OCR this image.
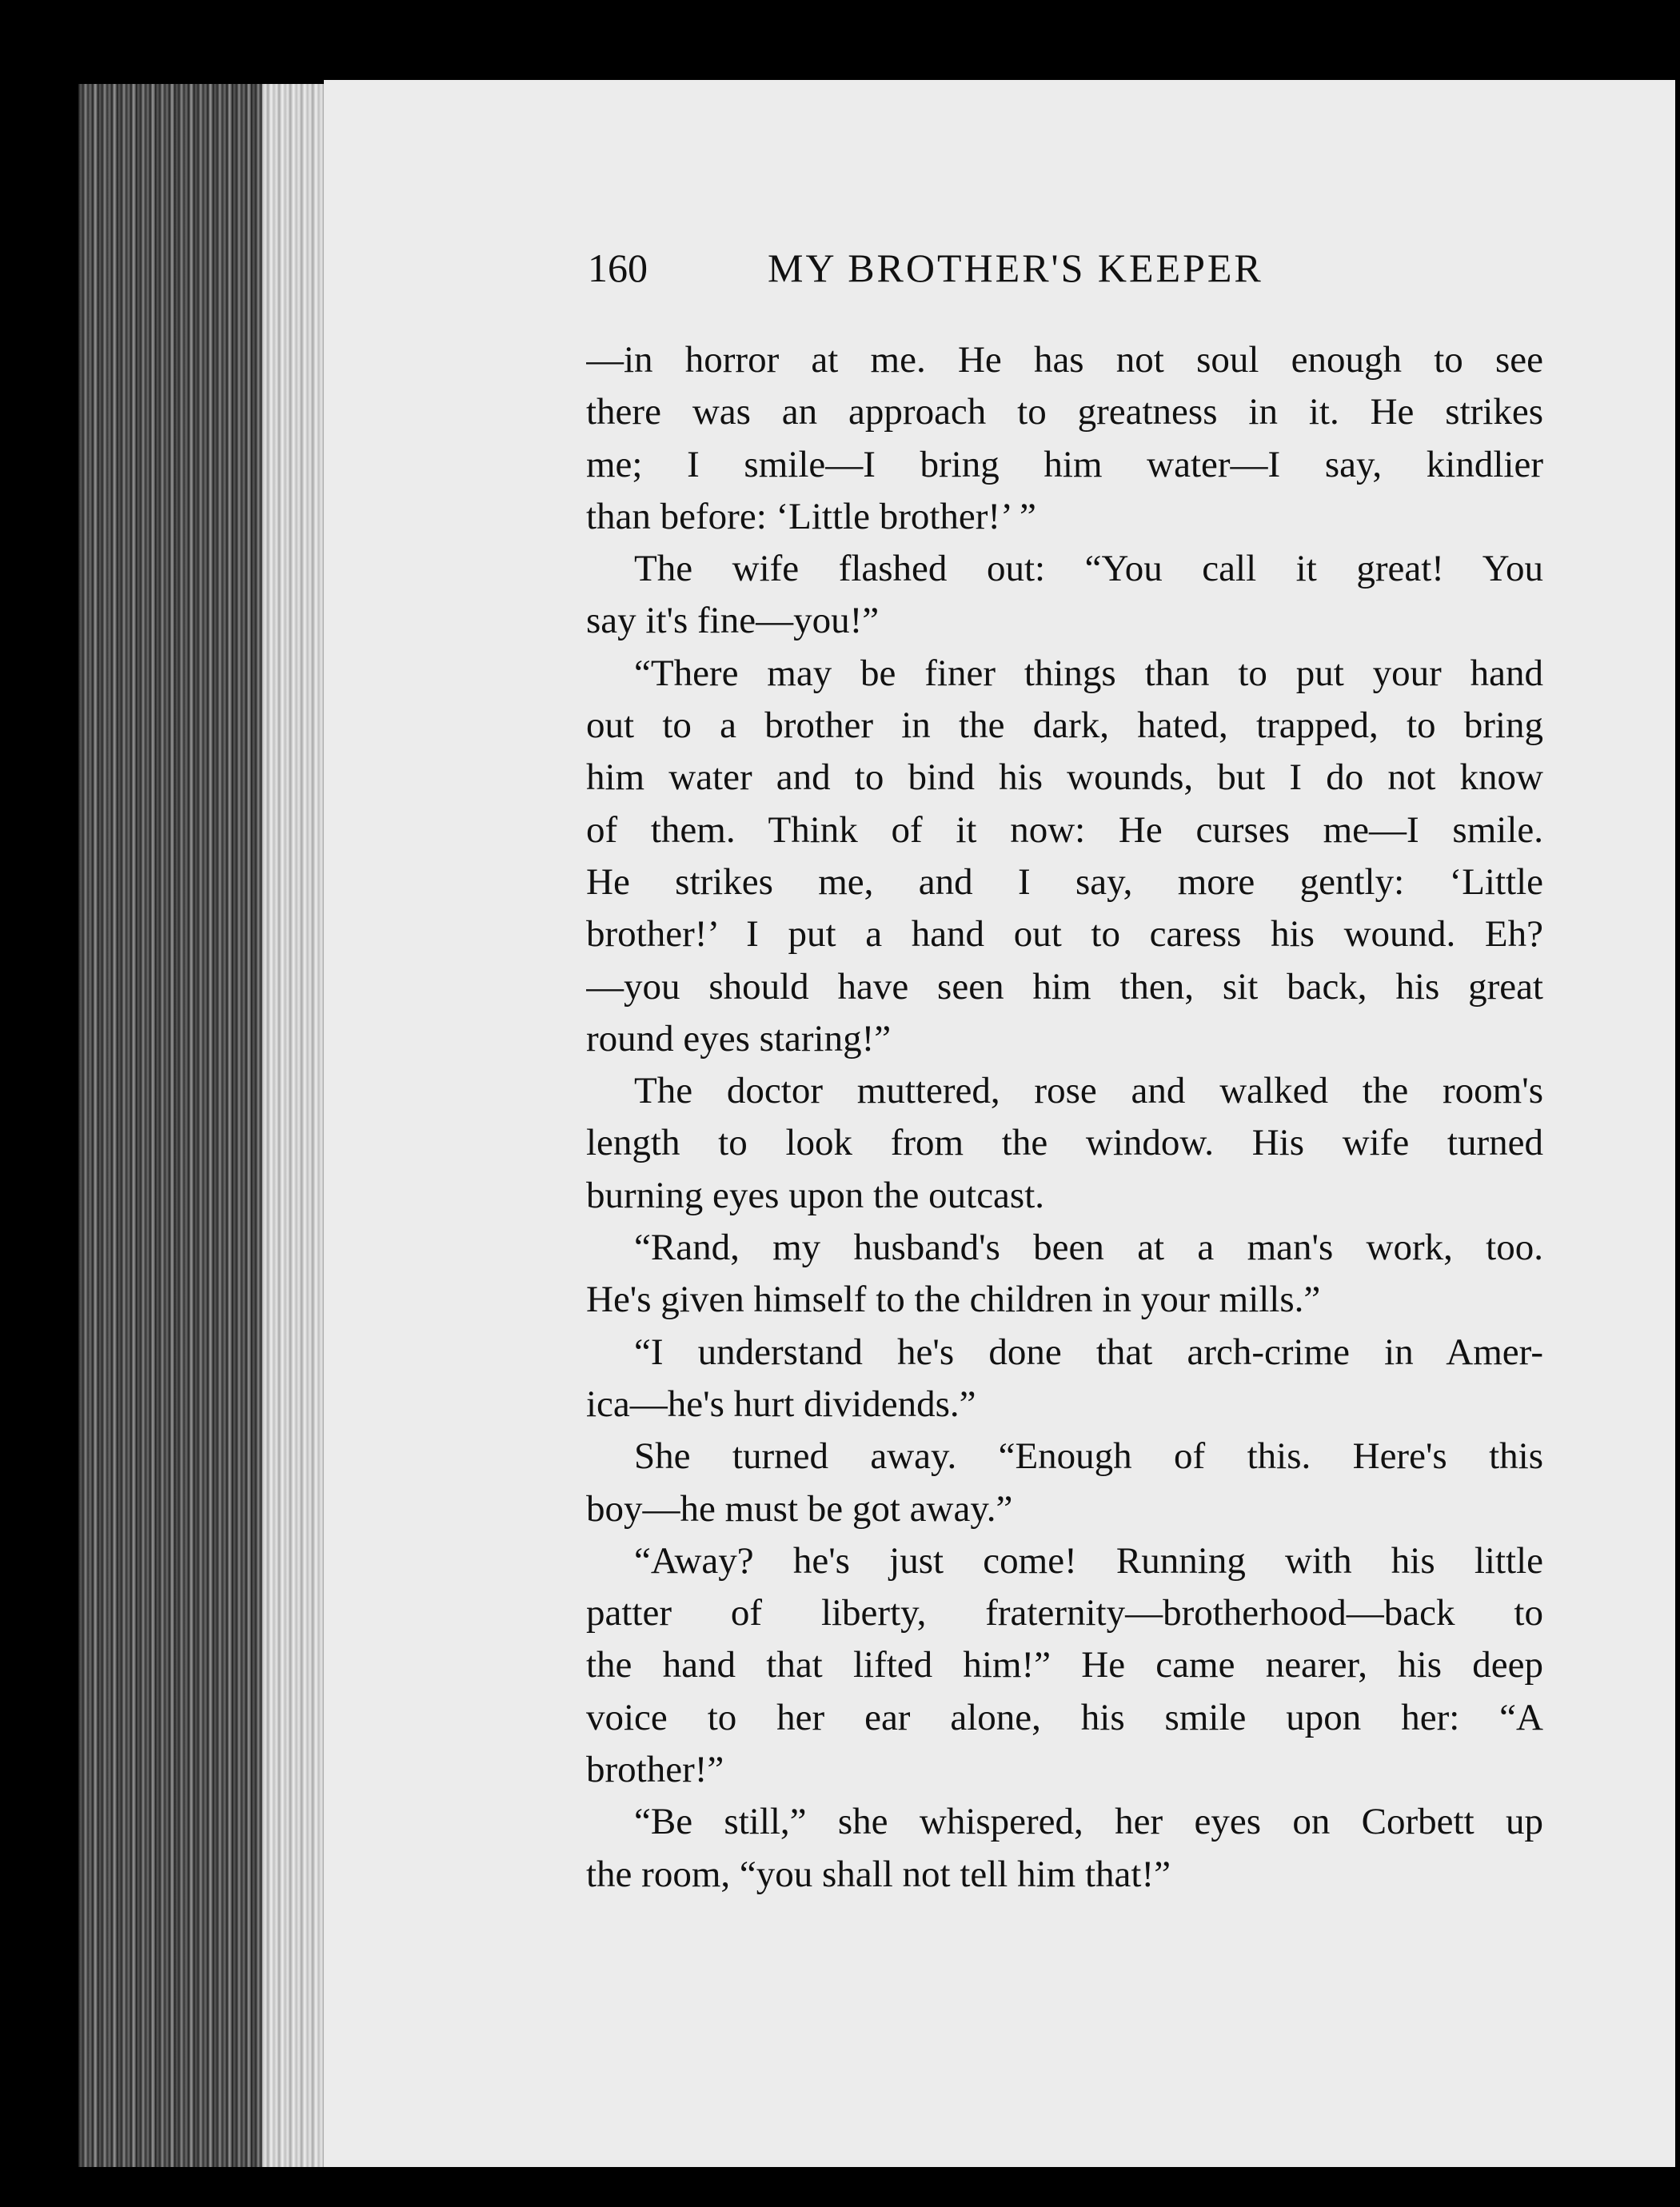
160	MY BROTHER'S KEEPER
—in horror at me. He has not soul enough to see
there was an approach to greatness in it. He strikes
me; I smile—I bring him water—I say, kindlier
than before: ‘Little brother!’ ”
The wife flashed out: “You call it great! You
say it's fine—you!”
“There may be finer things than to put your hand
out to a brother in the dark, hated, trapped, to bring
him water and to bind his wounds, but I do not know
of them. Think of it now: He curses me—I smile.
He strikes me, and I say, more gently: ‘Little
brother!’ I put a hand out to caress his wound. Eh?
—you should have seen him then, sit back, his great
round eyes staring!”
The doctor muttered, rose and walked the room's
length to look from the window. His wife turned
burning eyes upon the outcast.
“Rand, my husband's been at a man's work, too.
He's given himself to the children in your mills.”
“I understand he's done that arch-crime in Amer-
ica—he's hurt dividends.”
She turned away. “Enough of this. Here's this
boy—he must be got away.”
“Away? he's just come! Running with his little
patter of liberty, fraternity—brotherhood—back to
the hand that lifted him!” He came nearer, his deep
voice to her ear alone, his smile upon her: “A
brother!”
“Be still,” she whispered, her eyes on Corbett up
the room, “you shall not tell him that!”
